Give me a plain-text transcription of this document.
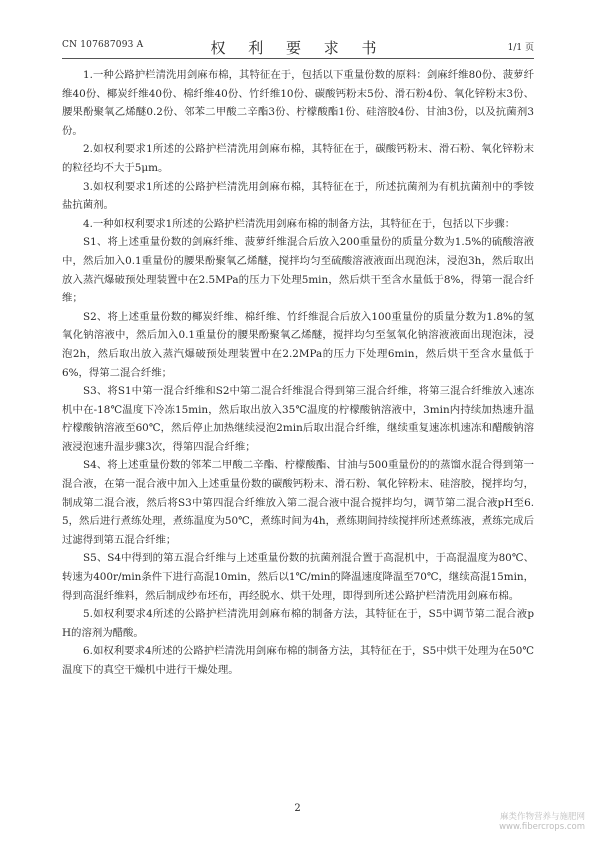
CN 107687093 A	权 利 要 求 书	1/1 页

1.一种公路护栏清洗用剑麻布棉，其特征在于，包括以下重量份数的原料：剑麻纤维80份、菠萝纤维40份、椰炭纤维40份、棉纤维40份、竹纤维10份、碳酸钙粉末5份、滑石粉4份、氧化锌粉末3份、腰果酚聚氧乙烯醚0.2份、邻苯二甲酸二辛酯3份、柠檬酸酯1份、硅溶胶4份、甘油3份，以及抗菌剂3份。

2.如权利要求1所述的公路护栏清洗用剑麻布棉，其特征在于，碳酸钙粉末、滑石粉、氧化锌粉末的粒径均不大于5μm。

3.如权利要求1所述的公路护栏清洗用剑麻布棉，其特征在于，所述抗菌剂为有机抗菌剂中的季铵盐抗菌剂。

4.一种如权利要求1所述的公路护栏清洗用剑麻布棉的制备方法，其特征在于，包括以下步骤：

S1、将上述重量份数的剑麻纤维、菠萝纤维混合后放入200重量份的质量分数为1.5%的硫酸溶液中，然后加入0.1重量份的腰果酚聚氧乙烯醚，搅拌均匀至硫酸溶液液面出现泡沫，浸泡3h，然后取出放入蒸汽爆破预处理装置中在2.5MPa的压力下处理5min，然后烘干至含水量低于8%，得第一混合纤维；

S2、将上述重量份数的椰炭纤维、棉纤维、竹纤维混合后放入100重量份的质量分数为1.8%的氢氧化钠溶液中，然后加入0.1重量份的腰果酚聚氧乙烯醚，搅拌均匀至氢氧化钠溶液液面出现泡沫，浸泡2h，然后取出放入蒸汽爆破预处理装置中在2.2MPa的压力下处理6min，然后烘干至含水量低于6%，得第二混合纤维；

S3、将S1中第一混合纤维和S2中第二混合纤维混合得到第三混合纤维，将第三混合纤维放入速冻机中在-18℃温度下冷冻15min，然后取出放入35℃温度的柠檬酸钠溶液中，3min内持续加热速升温柠檬酸钠溶液至60℃，然后停止加热继续浸泡2min后取出混合纤维，继续重复速冻机速冻和醋酸钠溶液浸泡速升温步骤3次，得第四混合纤维；

S4、将上述重量份数的邻苯二甲酸二辛酯、柠檬酸酯、甘油与500重量份的的蒸馏水混合得到第一混合液，在第一混合液中加入上述重量份数的碳酸钙粉末、滑石粉、氧化锌粉末、硅溶胶，搅拌均匀，制成第二混合液，然后将S3中第四混合纤维放入第二混合液中混合搅拌均匀，调节第二混合液pH至6.5，然后进行煮练处理，煮练温度为50℃，煮练时间为4h，煮练期间持续搅拌所述煮练液，煮练完成后过滤得到第五混合纤维；

S5、S4中得到的第五混合纤维与上述重量份数的抗菌剂混合置于高混机中，于高混温度为80℃、转速为400r/min条件下进行高混10min，然后以1℃/min的降温速度降温至70℃，继续高混15min，得到高混纤维料，然后制成纱布坯布，再经脱水、烘干处理，即得到所述公路护栏清洗用剑麻布棉。

5.如权利要求4所述的公路护栏清洗用剑麻布棉的制备方法，其特征在于，S5中调节第二混合液pH的溶剂为醋酸。

6.如权利要求4所述的公路护栏清洗用剑麻布棉的制备方法，其特征在于，S5中烘干处理为在50℃温度下的真空干燥机中进行干燥处理。

2
麻类作物营养与施肥网
www.fibercrops.com
